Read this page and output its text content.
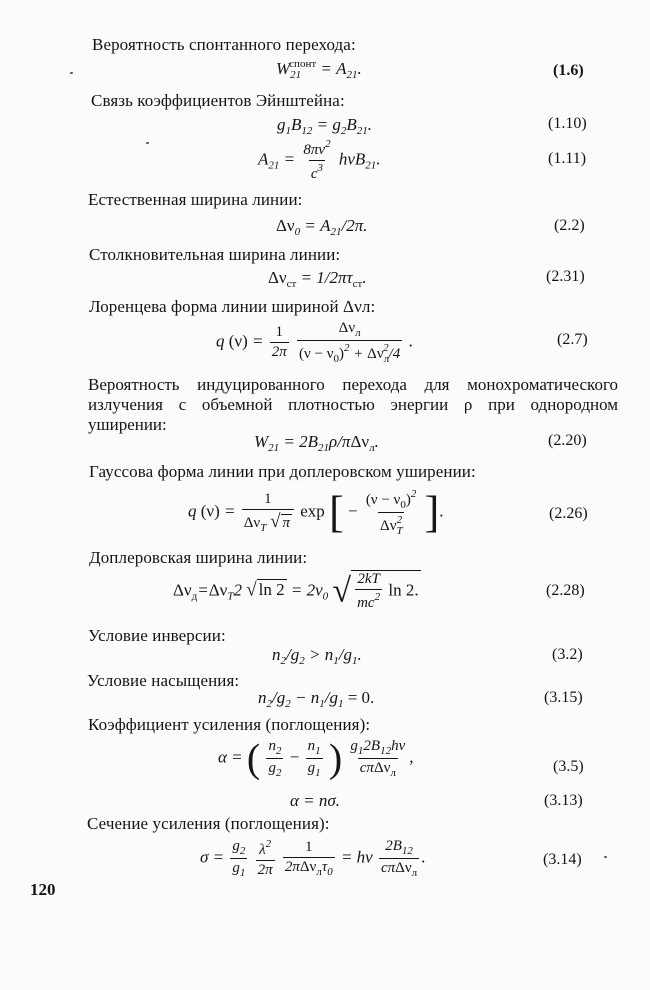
Вероятность спонтанного перехода:
$W_{21}^{спонт} = A_{21}$.	(1.6)
Связь коэффициентов Эйнштейна:
$g_1B_{12} = g_2B_{21}$.	(1.10)
$A_{21} = \frac{8\pi\nu^2}{c^3} h\nu B_{21}$.	(1.11)
Естественная ширина линии:
$\Delta\nu_0 = A_{21}/2\pi$.	(2.2)
Столкновительная ширина линии:
$\Delta\nu_{ст} = 1/2\pi\tau_{ст}$.	(2.31)
Лоренцева форма линии шириной Δνл:
q $(\nu) = \frac{1}{2\pi}$
$\frac{\Delta\nu_л}{(\nu - \nu_0)^2 + \Delta\nu_л^2/4}$ .	(2.7)
Вероятность индуцированного перехода для монохроматического излучения с объемной плотностью энергии ρ при однородном уширении:
$W_{21} = 2B_{21}\rho/\pi\Delta\nu_л$.	(2.20)
Гауссова форма линии при доплеровском уширении:
q $(\nu) = \frac{1}{\Delta\nu_T √ \pi}$ exp [ − $\frac{(\nu - \nu_0)^2}{\Delta\nu_T^2}$ ].	(2.26)
Доплеровская ширина линии:
$\Delta\nu_д=\Delta\nu_T2$ √ $\ln 2 = 2\nu_0$ √ $\frac{2kT}{mc^2}$ ln 2.	(2.28)
Условие инверсии:
$n_2/g_2 > n_1/g_1$.	(3.2)
Условие насыщения:
$n_2/g_2 - n_1/g_1 = 0$.	(3.15)
Коэффициент усиления (поглощения):
α = ( $\frac{n_2}{g_2} - \frac{n_1}{g_1}$ ) $\frac{g_12B_{12}h\nu}{c\pi\Delta\nu_л}$ ,
(3.5)
α = nσ.	(3.13)
Сечение усиления (поглощения):
$\sigma = \frac{g_2}{g_1}$
$\frac{\lambda^2}{2\pi}$
$\frac{1}{2\pi\Delta\nu_л\tau_0} = h\nu \frac{2B_{12}}{c\pi\Delta\nu_л}$ .	(3.14)
120
